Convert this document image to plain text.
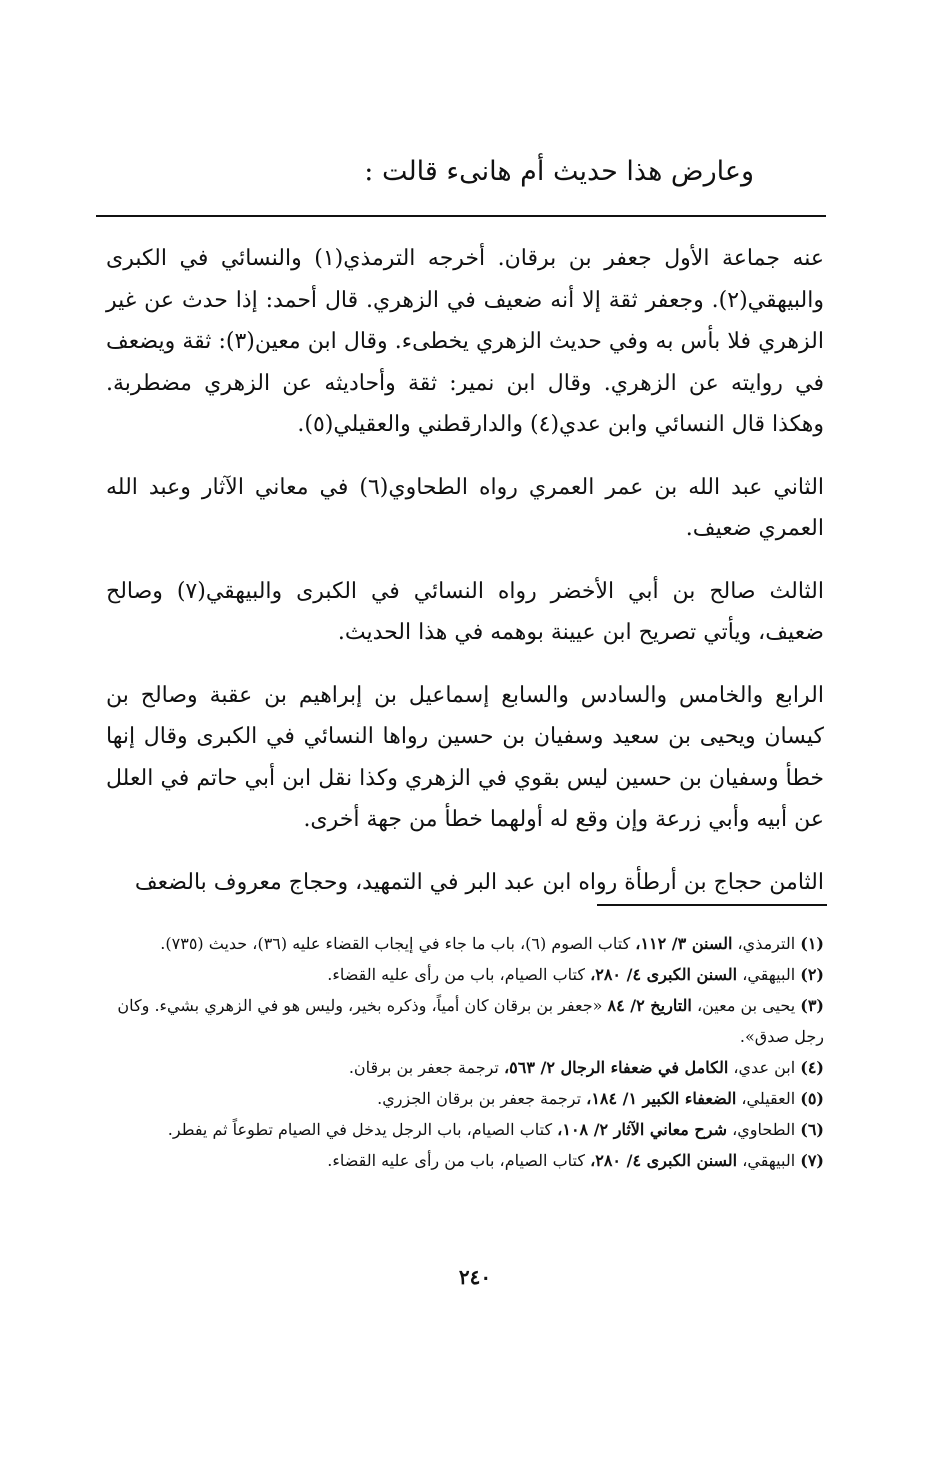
وعارض هذا حديث أم هانىء قالت :

عنه جماعة الأول جعفر بن برقان. أخرجه الترمذي(١) والنسائي في الكبرى والبيهقي(٢). وجعفر ثقة إلا أنه ضعيف في الزهري. قال أحمد: إذا حدث عن غير الزهري فلا بأس به وفي حديث الزهري يخطىء. وقال ابن معين(٣): ثقة ويضعف في روايته عن الزهري. وقال ابن نمير: ثقة وأحاديثه عن الزهري مضطربة. وهكذا قال النسائي وابن عدي(٤) والدارقطني والعقيلي(٥).

الثاني عبد الله بن عمر العمري رواه الطحاوي(٦) في معاني الآثار وعبد الله العمري ضعيف.

الثالث صالح بن أبي الأخضر رواه النسائي في الكبرى والبيهقي(٧) وصالح ضعيف، ويأتي تصريح ابن عيينة بوهمه في هذا الحديث.

الرابع والخامس والسادس والسابع إسماعيل بن إبراهيم بن عقبة وصالح بن كيسان ويحيى بن سعيد وسفيان بن حسين رواها النسائي في الكبرى وقال إنها خطأ وسفيان بن حسين ليس بقوي في الزهري وكذا نقل ابن أبي حاتم في العلل عن أبيه وأبي زرعة وإن وقع له أولهما خطأ من جهة أخرى.

الثامن حجاج بن أرطأة رواه ابن عبد البر في التمهيد، وحجاج معروف بالضعف

(١) الترمذي، السنن ٣/ ١١٢، كتاب الصوم (٦)، باب ما جاء في إيجاب القضاء عليه (٣٦)، حديث (٧٣٥).

(٢) البيهقي، السنن الكبرى ٤/ ٢٨٠، كتاب الصيام، باب من رأى عليه القضاء.

(٣) يحيى بن معين، التاريخ ٢/ ٨٤ «جعفر بن برقان كان أمياً، وذكره بخير، وليس هو في الزهري بشيء. وكان رجل صدق».

(٤) ابن عدي، الكامل في ضعفاء الرجال ٢/ ٥٦٣، ترجمة جعفر بن برقان.

(٥) العقيلي، الضعفاء الكبير ١/ ١٨٤، ترجمة جعفر بن برقان الجزري.

(٦) الطحاوي، شرح معاني الآثار ٢/ ١٠٨، كتاب الصيام، باب الرجل يدخل في الصيام تطوعاً ثم يفطر.

(٧) البيهقي، السنن الكبرى ٤/ ٢٨٠، كتاب الصيام، باب من رأى عليه القضاء.

٢٤٠
